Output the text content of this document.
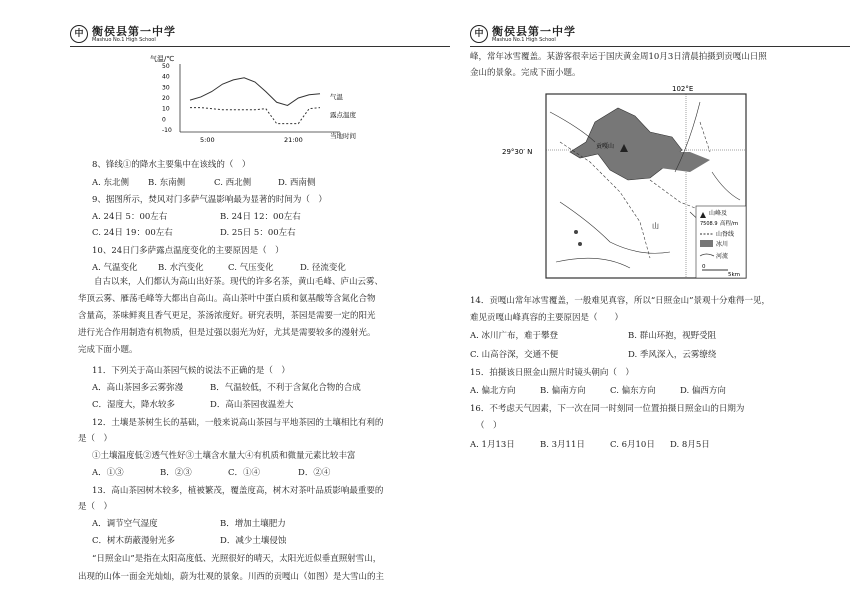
中 衡侯县第一中学
Mashuo No.1 High School
气温/℃
50
40
30
20
10
0
-10
5:00	21:00
气温
露点温度
当地时间
8、锋线①的降水主要集中在该线的（　）
A. 东北侧 B. 东南侧	C. 西北侧	D. 西南侧
9、据图所示，焚风对门多萨气温影响最为显著的时间为（　）
A. 24日 5：00左右	B. 24日 12：00左右
C. 24日 19：00左右	D. 25日 5：00左右
10、24日门多萨露点温度变化的主要原因是（　）
A. 气温变化 B. 水汽变化	C. 气压变化	D. 径流变化
自古以来，人们都认为高山出好茶。现代的许多名茶，黄山毛峰、庐山云雾、华顶云雾、雁荡毛峰等大都出自高山。高山茶叶中蛋白质和氨基酸等含氮化合物含量高，茶味鲜爽且香气更足，茶汤浓度好。研究表明，茶园是需要一定的阳光进行光合作用制造有机物质，但是过强以弱光为好，尤其是需要较多的漫射光。完成下面小题。
11．下列关于高山茶园气候的说法不正确的是（　）
A．高山茶园多云雾弥漫	B．气温较低，不利于含氮化合物的合成
C．湿度大，降水较多	D．高山茶园夜温差大
12．土壤是茶树生长的基础，一般来说高山茶园与平地茶园的土壤相比有利的
是（　）
①土壤温度低②透气性好③土壤含水量大④有机质和微量元素比较丰富
A．①③	B．②③	C．①④	D．②④
13．高山茶园树木较多，植被繁茂，覆盖度高，树木对茶叶品质影响最重要的
是（　）
A．调节空气湿度	B．增加土壤肥力
C．树木荫蔽漫射光多	D．减少土壤侵蚀
“日照金山”是指在太阳高度低、光照很好的晴天，太阳光近似垂直照射雪山，
出现的山体一面金光灿灿，蔚为壮观的景象。川西的贡嘎山（如图）是大雪山的主
中 衡侯县第一中学
Mashuo No.1 High School
峰，常年冰雪覆盖。某游客很幸运于国庆黄金周10月3日清晨拍摄到贡嘎山日照
金山的景象。完成下面小题。
102°E
29°30′ N
贡嘎山
山
山峰及
7508.9 高程/m
山脊线
冰川
河流
0
5km
14．贡嘎山常年冰雪覆盖，一般难见真容，所以“日照金山”景观十分难得一见，
难见贡嘎山峰真容的主要原因是（　　）
A. 冰川广布，难于攀登	B. 群山环抱，视野受阻
C. 山高谷深，交通不便	D. 季风深入，云雾缭绕
15．拍摄该日照金山照片时镜头朝向（　）
A. 偏北方向	B. 偏南方向	C. 偏东方向	D. 偏西方向
16．不考虑天气因素，下一次在同一时刻同一位置拍摄日照金山的日期为
（　）
A. 1月13日	B. 3月11日	C. 6月10日 D. 8月5日
